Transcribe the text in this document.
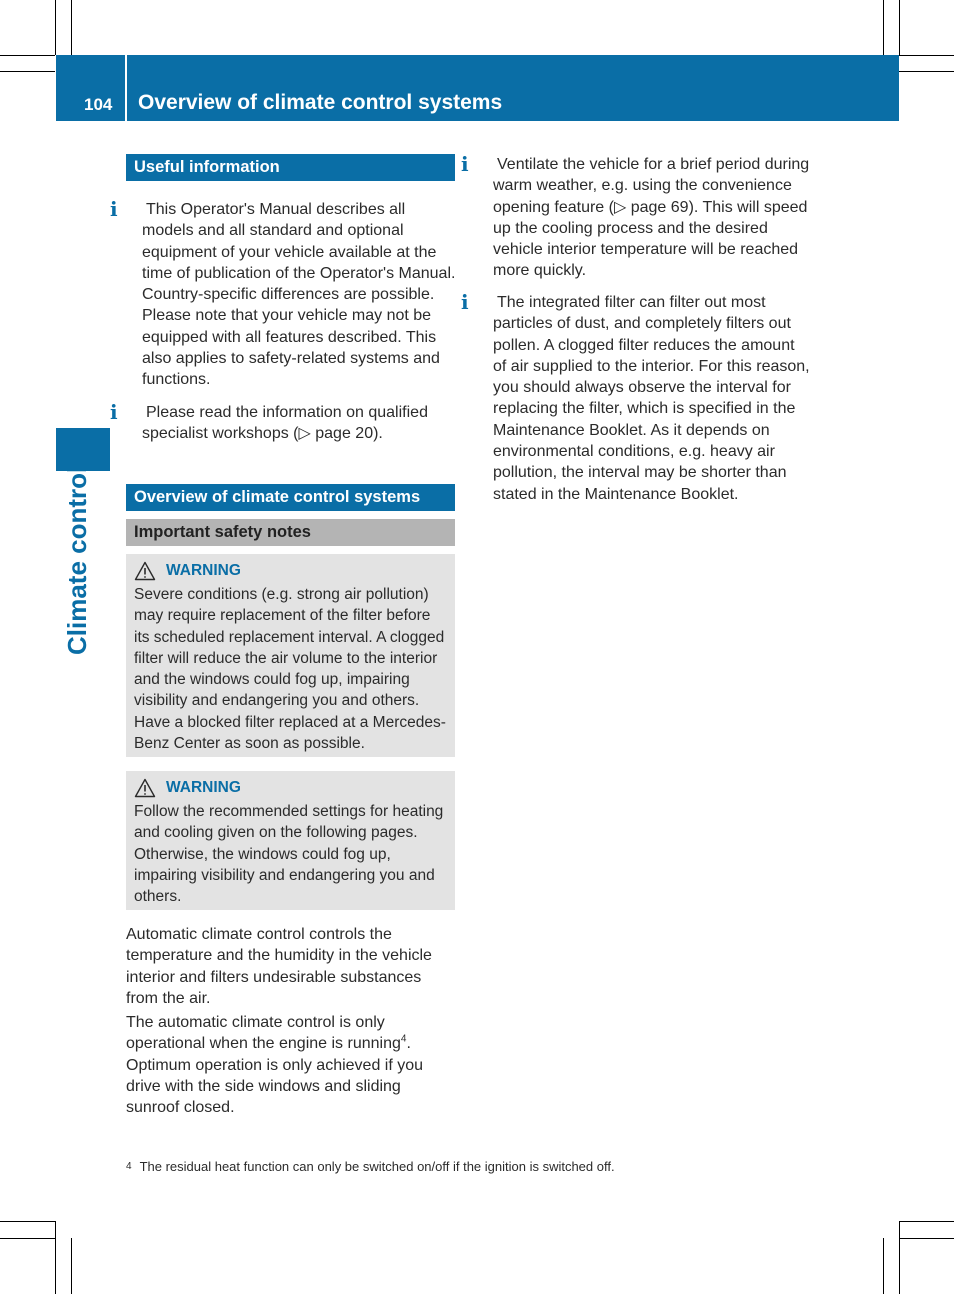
104 Overview of climate control systems
Climate control
Useful information
i This Operator's Manual describes all models and all standard and optional equipment of your vehicle available at the time of publication of the Operator's Manual. Country-specific differences are possible. Please note that your vehicle may not be equipped with all features described. This also applies to safety-related systems and functions.
i Please read the information on qualified specialist workshops (▷ page 20).
Overview of climate control systems
Important safety notes
WARNING
Severe conditions (e.g. strong air pollution) may require replacement of the filter before its scheduled replacement interval. A clogged filter will reduce the air volume to the interior and the windows could fog up, impairing visibility and endangering you and others. Have a blocked filter replaced at a Mercedes-Benz Center as soon as possible.
WARNING
Follow the recommended settings for heating and cooling given on the following pages. Otherwise, the windows could fog up, impairing visibility and endangering you and others.
Automatic climate control controls the temperature and the humidity in the vehicle interior and filters undesirable substances from the air.
The automatic climate control is only operational when the engine is running$^4$. Optimum operation is only achieved if you drive with the side windows and sliding sunroof closed.
i Ventilate the vehicle for a brief period during warm weather, e.g. using the convenience opening feature (▷ page 69). This will speed up the cooling process and the desired vehicle interior temperature will be reached more quickly.
i The integrated filter can filter out most particles of dust, and completely filters out pollen. A clogged filter reduces the amount of air supplied to the interior. For this reason, you should always observe the interval for replacing the filter, which is specified in the Maintenance Booklet. As it depends on environmental conditions, e.g. heavy air pollution, the interval may be shorter than stated in the Maintenance Booklet.
4 The residual heat function can only be switched on/off if the ignition is switched off.
